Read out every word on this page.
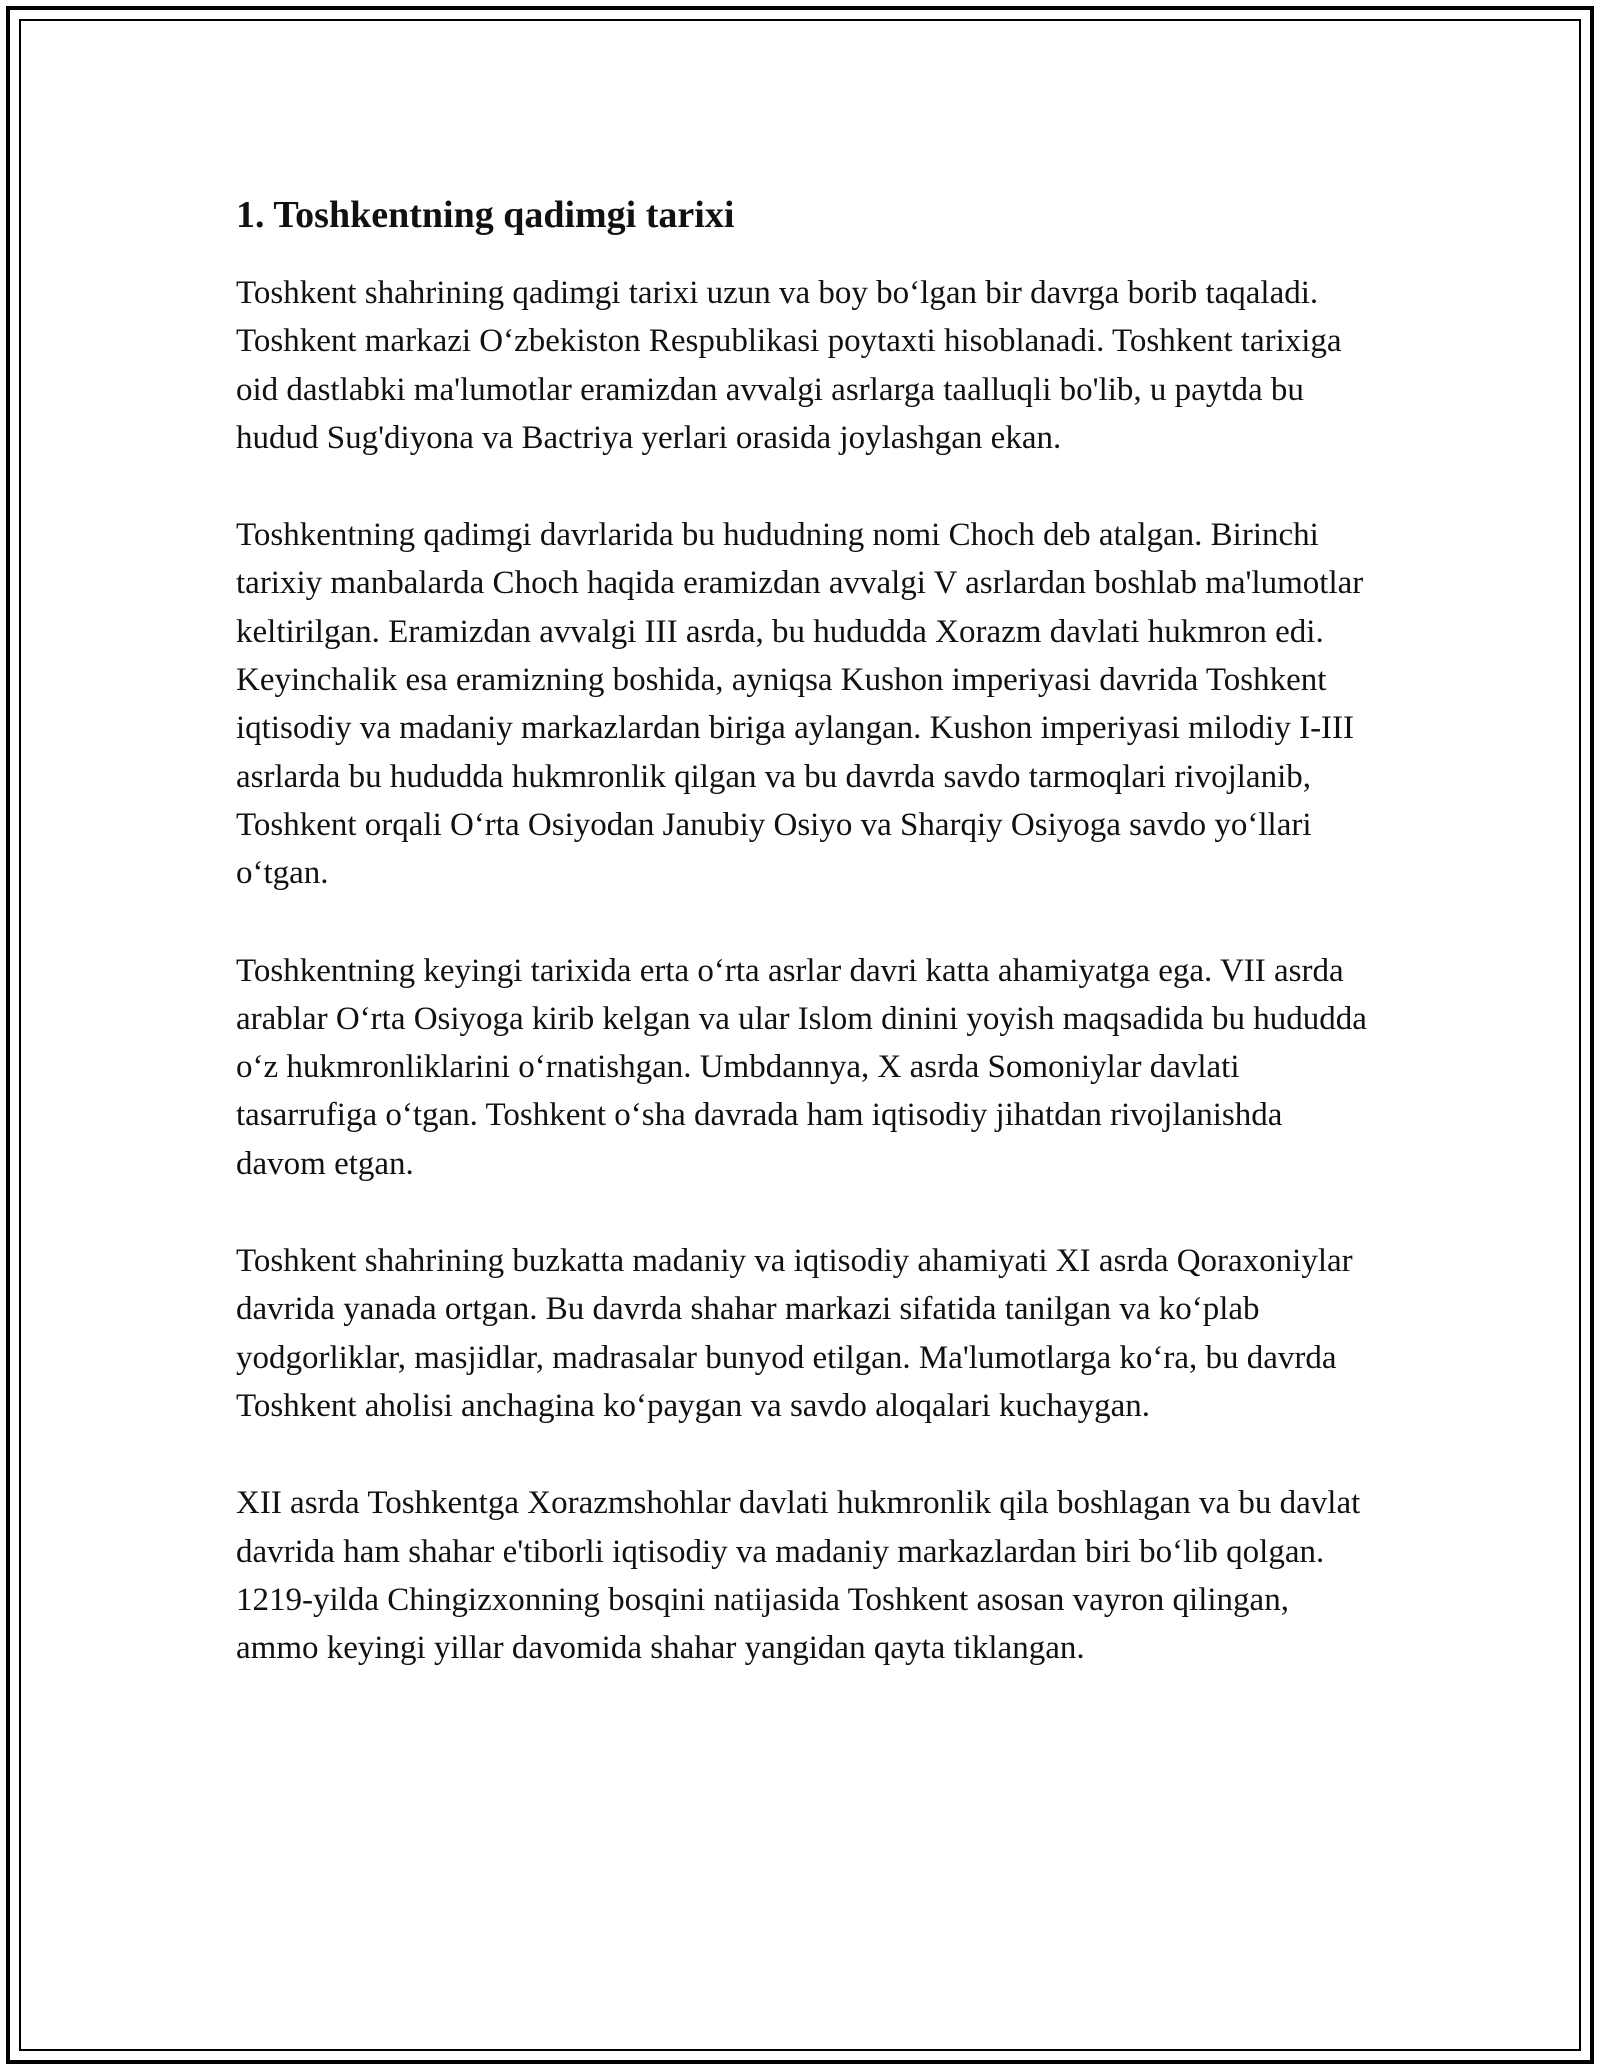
1. Toshkentning qadimgi tarixi

Toshkent shahrining qadimgi tarixi uzun va boy bo‘lgan bir davrga borib taqaladi. Toshkent markazi O‘zbekiston Respublikasi poytaxti hisoblanadi. Toshkent tarixiga oid dastlabki ma'lumotlar eramizdan avvalgi asrlarga taalluqli bo'lib, u paytda bu hudud Sug'diyona va Bactriya yerlari orasida joylashgan ekan.

Toshkentning qadimgi davrlarida bu hududning nomi Choch deb atalgan. Birinchi tarixiy manbalarda Choch haqida eramizdan avvalgi V asrlardan boshlab ma'lumotlar keltirilgan. Eramizdan avvalgi III asrda, bu hududda Xorazm davlati hukmron edi. Keyinchalik esa eramizning boshida, ayniqsa Kushon imperiyasi davrida Toshkent iqtisodiy va madaniy markazlardan biriga aylangan. Kushon imperiyasi milodiy I-III asrlarda bu hududda hukmronlik qilgan va bu davrda savdo tarmoqlari rivojlanib, Toshkent orqali O‘rta Osiyodan Janubiy Osiyo va Sharqiy Osiyoga savdo yo‘llari o‘tgan.

Toshkentning keyingi tarixida erta o‘rta asrlar davri katta ahamiyatga ega. VII asrda arablar O‘rta Osiyoga kirib kelgan va ular Islom dinini yoyish maqsadida bu hududda o‘z hukmronliklarini o‘rnatishgan. Umbdannya, X asrda Somoniylar davlati tasarrufiga o‘tgan. Toshkent o‘sha davrada ham iqtisodiy jihatdan rivojlanishda davom etgan.

Toshkent shahrining buzkatta madaniy va iqtisodiy ahamiyati XI asrda Qoraxoniylar davrida yanada ortgan. Bu davrda shahar markazi sifatida tanilgan va ko‘plab yodgorliklar, masjidlar, madrasalar bunyod etilgan. Ma'lumotlarga ko‘ra, bu davrda Toshkent aholisi anchagina ko‘paygan va savdo aloqalari kuchaygan.

XII asrda Toshkentga Xorazmshohlar davlati hukmronlik qila boshlagan va bu davlat davrida ham shahar e'tiborli iqtisodiy va madaniy markazlardan biri bo‘lib qolgan. 1219-yilda Chingizxonning bosqini natijasida Toshkent asosan vayron qilingan, ammo keyingi yillar davomida shahar yangidan qayta tiklangan.
